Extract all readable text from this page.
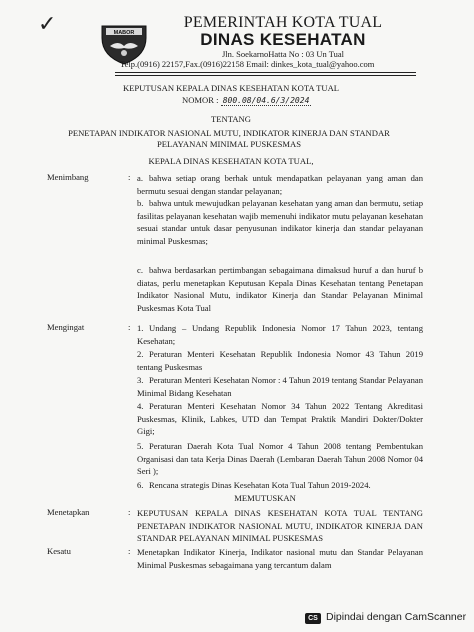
✓	MABOR
PEMERINTAH KOTA TUAL
DINAS KESEHATAN
Jln. SoekarnoHatta No : 03 Un Tual
Telp.(0916) 22157,Fax.(0916)22158 Email: dinkes_kota_tual@yahoo.com
KEPUTUSAN KEPALA DINAS KESEHATAN KOTA TUAL
NOMOR : 800.08/04.6/3/2024
TENTANG
PENETAPAN INDIKATOR NASIONAL MUTU, INDIKATOR KINERJA DAN STANDAR
PELAYANAN MINIMAL PUSKESMAS
KEPALA DINAS KESEHATAN KOTA TUAL,
Menimbang	: a. bahwa setiap orang berhak untuk mendapatkan pelayanan yang aman dan bermutu sesuai dengan standar pelayanan;
b. bahwa untuk mewujudkan pelayanan kesehatan yang aman dan bermutu, setiap fasilitas pelayanan kesehatan wajib memenuhi indikator mutu pelayanan kesehatan sesuai standar untuk dasar penyusunan indikator kinerja dan standar pelayanan minimal Puskesmas;
c. bahwa berdasarkan pertimbangan sebagaimana dimaksud huruf a dan huruf b diatas, perlu menetapkan Keputusan Kepala Dinas Kesehatan tentang Penetapan Indikator Nasional Mutu, indikator Kinerja dan Standar Pelayanan Minimal Puskesmas Kota Tual
Mengingat	: 1. Undang – Undang Republik Indonesia Nomor 17 Tahun 2023, tentang Kesehatan;
2. Peraturan Menteri Kesehatan Republik Indonesia Nomor 43 Tahun 2019 tentang Puskesmas
3. Peraturan Menteri Kesehatan Nomor : 4 Tahun 2019 tentang Standar Pelayanan Minimal Bidang Kesehatan
4. Peraturan Menteri Kesehatan Nomor 34 Tahun 2022 Tentang Akreditasi Puskesmas, Klinik, Labkes, UTD dan Tempat Praktik Mandiri Dokter/Dokter Gigi;
5. Peraturan Daerah Kota Tual Nomor 4 Tahun 2008 tentang Pembentukan Organisasi dan tata Kerja Dinas Daerah (Lembaran Daerah Tahun 2008 Nomor 04 Seri );
6. Rencana strategis Dinas Kesehatan Kota Tual Tahun 2019-2024.
MEMUTUSKAN
Menetapkan	: KEPUTUSAN KEPALA DINAS KESEHATAN KOTA TUAL TENTANG PENETAPAN INDIKATOR NASIONAL MUTU, INDIKATOR KINERJA DAN STANDAR PELAYANAN MINIMAL PUSKESMAS
Kesatu	: Menetapkan Indikator Kinerja, Indikator nasional mutu dan Standar Pelayanan Minimal Puskesmas sebagaimana yang tercantum dalam
CS Dipindai dengan CamScanner
